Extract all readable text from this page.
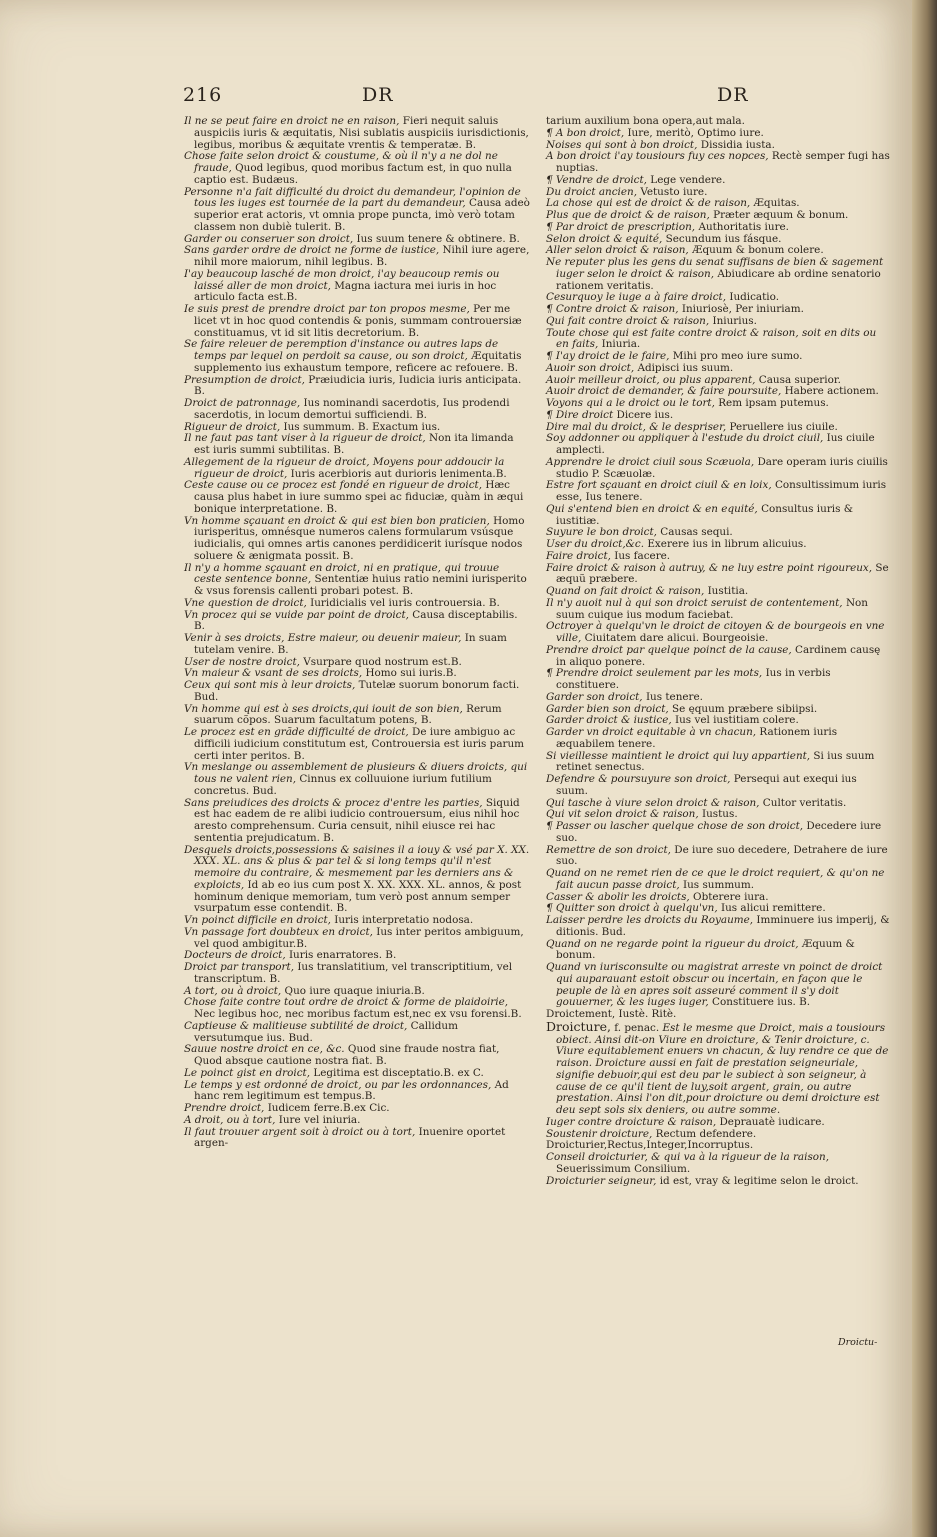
216	DR	DR

Il ne se peut faire en droict ne en raison, Fieri nequit saluis auspiciis iuris & æquitatis, Nisi sublatis auspiciis iurisdictionis, legibus, moribus & æquitate vrentis & temperatæ. B.

Chose faite selon droict & coustume, & où il n'y a ne dol ne fraude, Quod legibus, quod moribus factum est, in quo nulla captio est. Budæus.

Personne n'a fait difficulté du droict du demandeur, l'opinion de tous les iuges est tournée de la part du demandeur, Causa adeò superior erat actoris, vt omnia prope puncta, imò verò totam classem non dubiè tulerit. B.

Garder ou conseruer son droict, Ius suum tenere & obtinere. B.

Sans garder ordre de droict ne forme de iustice, Nihil iure agere, nihil more maiorum, nihil legibus. B.

I'ay beaucoup lasché de mon droict, i'ay beaucoup remis ou laissé aller de mon droict, Magna iactura mei iuris in hoc articulo facta est.B.

Ie suis prest de prendre droict par ton propos mesme, Per me licet vt in hoc quod contendis & ponis, summam controuersiæ constituamus, vt id sit litis decretorium. B.

Se faire releuer de peremption d'instance ou autres laps de temps par lequel on perdoit sa cause, ou son droict, Æquitatis supplemento ius exhaustum tempore, reficere ac refouere. B.

Presumption de droict, Præiudicia iuris, Iudicia iuris anticipata. B.

Droict de patronnage, Ius nominandi sacerdotis, Ius prodendi sacerdotis, in locum demortui sufficiendi. B.

Rigueur de droict, Ius summum. B. Exactum ius.

Il ne faut pas tant viser à la rigueur de droict, Non ita limanda est iuris summi subtilitas. B.

Allegement de la rigueur de droict, Moyens pour addoucir la rigueur de droict, Iuris acerbioris aut durioris lenimenta.B.

Ceste cause ou ce procez est fondé en rigueur de droict, Hæc causa plus habet in iure summo spei ac fiduciæ, quàm in æqui bonique interpretatione. B.

Vn homme sçauant en droict & qui est bien bon praticien, Homo iurisperitus, omnésque numeros calens formularum vsúsque iudicialis, qui omnes artis canones perdidicerit iurísque nodos soluere & ænigmata possit. B.

Il n'y a homme sçauant en droict, ni en pratique, qui trouue ceste sentence bonne, Sententiæ huius ratio nemini iurisperito & vsus forensis callenti probari potest. B.

Vne question de droict, Iuridicialis vel iuris controuersia. B.

Vn procez qui se vuide par point de droict, Causa disceptabilis. B.

Venir à ses droicts, Estre maieur, ou deuenir maieur, In suam tutelam venire. B.

User de nostre droict, Vsurpare quod nostrum est.B.

Vn maieur & vsant de ses droicts, Homo sui iuris.B.

Ceux qui sont mis à leur droicts, Tutelæ suorum bonorum facti. Bud.

Vn homme qui est à ses droicts,qui iouit de son bien, Rerum suarum cõpos. Suarum facultatum potens, B.

Le procez est en grãde difficulté de droict, De iure ambiguo ac difficili iudicium constitutum est, Controuersia est iuris parum certi inter peritos. B.

Vn meslange ou assemblement de plusieurs & diuers droicts, qui tous ne valent rien, Cinnus ex colluuione iurium futilium concretus. Bud.

Sans preiudices des droicts & procez d'entre les parties, Siquid est hac eadem de re alibi iudicio controuersum, eius nihil hoc aresto comprehensum. Curia censuit, nihil eiusce rei hac sententia prejudicatum. B.

Desquels droicts,possessions & saisines il a iouy & vsé par X. XX. XXX. XL. ans & plus & par tel & si long temps qu'il n'est memoire du contraire, & mesmement par les derniers ans & exploicts, Id ab eo ius cum post X. XX. XXX. XL. annos, & post hominum denique memoriam, tum verò post annum semper vsurpatum esse contendit. B.

Vn poinct difficile en droict, Iuris interpretatio nodosa.

Vn passage fort doubteux en droict, Ius inter peritos ambiguum, vel quod ambigitur.B.

Docteurs de droict, Iuris enarratores. B.

Droict par transport, Ius translatitium, vel transcriptitium, vel transcriptum. B.

A tort, ou à droict, Quo iure quaque iniuria.B.

Chose faite contre tout ordre de droict & forme de plaidoirie, Nec legibus hoc, nec moribus factum est,nec ex vsu forensi.B.

Captieuse & malitieuse subtilité de droict, Callidum versutumque ius. Bud.

Sauue nostre droict en ce, &c. Quod sine fraude nostra fiat, Quod absque cautione nostra fiat. B.

Le poinct gist en droict, Legitima est disceptatio.B. ex C.

Le temps y est ordonné de droict, ou par les ordonnances, Ad hanc rem legitimum est tempus.B.

Prendre droict, Iudicem ferre.B.ex Cic.

A droit, ou à tort, Iure vel iniuria.

Il faut trouuer argent soit à droict ou à tort, Inuenire oportet argen-

tarium auxilium bona opera,aut mala.

¶ A bon droict, Iure, meritò, Optimo iure.

Noises qui sont à bon droict, Dissidia iusta.

A bon droict i'ay tousiours fuy ces nopces, Rectè semper fugi has nuptias.

¶ Vendre de droict, Lege vendere.

Du droict ancien, Vetusto iure.

La chose qui est de droict & de raison, Æquitas.

Plus que de droict & de raison, Præter æquum & bonum.

¶ Par droict de prescription, Authoritatis iure.

Selon droict & equité, Secundum ius fásque.

Aller selon droict & raison, Æquum & bonum colere.

Ne reputer plus les gens du senat suffisans de bien & sagement iuger selon le droict & raison, Abiudicare ab ordine senatorio rationem veritatis.

Cesurquoy le iuge a à faire droict, Iudicatio.

¶ Contre droict & raison, Iniuriosè, Per iniuriam.

Qui fait contre droict & raison, Iniurius.

Toute chose qui est faite contre droict & raison, soit en dits ou en faits, Iniuria.

¶ I'ay droict de le faire, Mihi pro meo iure sumo.

Auoir son droict, Adipisci ius suum.

Auoir meilleur droict, ou plus apparent, Causa superior.

Auoir droict de demander, & faire poursuite, Habere actionem.

Voyons qui a le droict ou le tort, Rem ipsam putemus.

¶ Dire droict Dicere ius.

Dire mal du droict, & le despriser, Peruellere ius ciuile.

Soy addonner ou appliquer à l'estude du droict ciuil, Ius ciuile amplecti.

Apprendre le droict ciuil sous Scæuola, Dare operam iuris ciuilis studio P. Scæuolæ.

Estre fort sçauant en droict ciuil & en loix, Consultissimum iuris esse, Ius tenere.

Qui s'entend bien en droict & en equité, Consultus iuris & iustitiæ.

Suyure le bon droict, Causas sequi.

User du droict,&c. Exerere ius in librum alicuius.

Faire droict, Ius facere.

Faire droict & raison à autruy, & ne luy estre point rigoureux, Se æquũ præbere.

Quand on fait droict & raison, Iustitia.

Il n'y auoit nul à qui son droict seruist de contentement, Non suum cuique ius modum faciebat.

Octroyer à quelqu'vn le droict de citoyen & de bourgeois en vne ville, Ciuitatem dare alicui. Bourgeoisie.

Prendre droict par quelque poinct de la cause, Cardinem causę in aliquo ponere.

¶ Prendre droict seulement par les mots, Ius in verbis constituere.

Garder son droict, Ius tenere.

Garder bien son droict, Se ęquum præbere sibiipsi.

Garder droict & iustice, Ius vel iustitiam colere.

Garder vn droict equitable à vn chacun, Rationem iuris æquabilem tenere.

Si vieillesse maintient le droict qui luy appartient, Si ius suum retinet senectus.

Defendre & poursuyure son droict, Persequi aut exequi ius suum.

Qui tasche à viure selon droict & raison, Cultor veritatis.

Qui vit selon droict & raison, Iustus.

¶ Passer ou lascher quelque chose de son droict, Decedere iure suo.

Remettre de son droict, De iure suo decedere, Detrahere de iure suo.

Quand on ne remet rien de ce que le droict requiert, & qu'on ne fait aucun passe droict, Ius summum.

Casser & abolir les droicts, Obterere iura.

¶ Quitter son droict à quelqu'vn, Ius alicui remittere.

Laisser perdre les droicts du Royaume, Imminuere ius imperij, & ditionis. Bud.

Quand on ne regarde point la rigueur du droict, Æquum & bonum.

Quand vn iurisconsulte ou magistrat arreste vn poinct de droict qui auparauant estoit obscur ou incertain, en façon que le peuple de là en apres soit asseuré comment il s'y doit gouuerner, & les iuges iuger, Constituere ius. B.

Droictement, Iustè. Ritè.

Droicture, f. penac. Est le mesme que Droict, mais a tousiours obiect. Ainsi dit-on Viure en droicture, & Tenir droicture, c. Viure equitablement enuers vn chacun, & luy rendre ce que de raison. Droicture aussi en fait de prestation seigneuriale, signifie debuoir,qui est deu par le subiect à son seigneur, à cause de ce qu'il tient de luy,soit argent, grain, ou autre prestation. Ainsi l'on dit,pour droicture ou demi droicture est deu sept sols six deniers, ou autre somme.

Iuger contre droicture & raison, Deprauatè iudicare.

Soustenir droicture, Rectum defendere.

Droicturier,Rectus,Integer,Incorruptus.

Conseil droicturier, & qui va à la rigueur de la raison, Seuerissimum Consilium.

Droicturier seigneur, id est, vray & legitime selon le droict.

Droictu-
